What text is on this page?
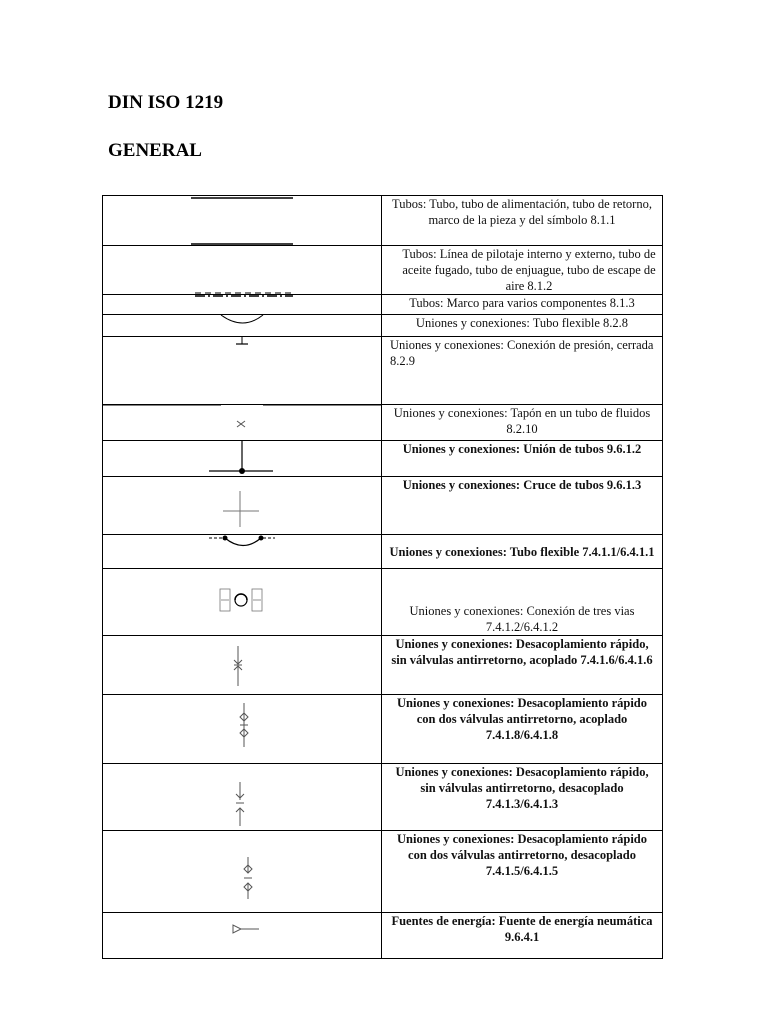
DIN ISO 1219
GENERAL
	Tubos: Tubo, tubo de alimentación, tubo de retorno, marco de la pieza y del símbolo 8.1.1

	Tubos: Línea de pilotaje interno y externo, tubo de aceite fugado, tubo de enjuague, tubo de escape de aire 8.1.2

	Tubos: Marco para varios componentes 8.1.3

	Uniones y conexiones: Tubo flexible 8.2.8

	Uniones y conexiones: Conexión de presión, cerrada 8.2.9

	Uniones y conexiones: Tapón en un tubo de fluidos 8.2.10

	Uniones y conexiones: Unión de tubos 9.6.1.2

	Uniones y conexiones: Cruce de tubos 9.6.1.3

	Uniones y conexiones: Tubo flexible 7.4.1.1/6.4.1.1

	Uniones y conexiones: Conexión de tres vias 7.4.1.2/6.4.1.2

	Uniones y conexiones: Desacoplamiento rápido, sin válvulas antirretorno, acoplado 7.4.1.6/6.4.1.6

	Uniones y conexiones: Desacoplamiento rápido con dos válvulas antirretorno, acoplado 7.4.1.8/6.4.1.8

	Uniones y conexiones: Desacoplamiento rápido, sin válvulas antirretorno, desacoplado 7.4.1.3/6.4.1.3

	Uniones y conexiones: Desacoplamiento rápido con dos válvulas antirretorno, desacoplado 7.4.1.5/6.4.1.5

	Fuentes de energía: Fuente de energía neumática 9.6.4.1
